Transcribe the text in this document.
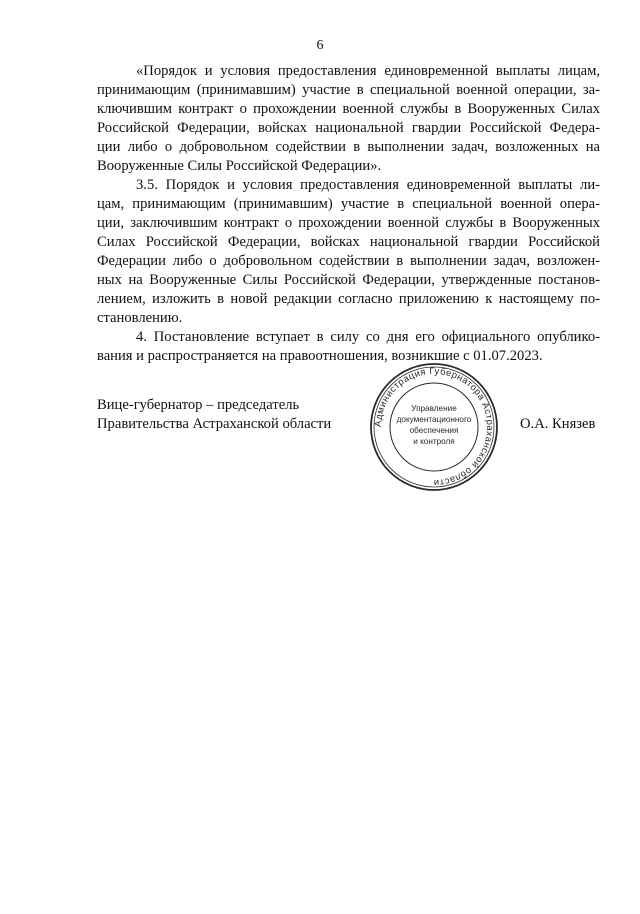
6
«Порядок и условия предоставления единовременной выплаты лицам,
принимающим (принимавшим) участие в специальной военной операции, за-
ключившим контракт о прохождении военной службы в Вооруженных Силах
Российской Федерации, войсках национальной гвардии Российской Федера-
ции либо о добровольном содействии в выполнении задач, возложенных на
Вооруженные Силы Российской Федерации».
3.5. Порядок и условия предоставления единовременной выплаты ли-
цам, принимающим (принимавшим) участие в специальной военной опера-
ции, заключившим контракт о прохождении военной службы в Вооруженных
Силах Российской Федерации, войсках национальной гвардии Российской
Федерации либо о добровольном содействии в выполнении задач, возложен-
ных на Вооруженные Силы Российской Федерации, утвержденные постанов-
лением, изложить в новой редакции согласно приложению к настоящему по-
становлению.
4. Постановление вступает в силу со дня его официального опублико-
вания и распространяется на правоотношения, возникшие с 01.07.2023.
Вице-губернатор – председатель
Правительства Астраханской области	О.А. Князев
Администрация Губернатора Астраханской области
Управление
документационного
обеспечения
и контроля
